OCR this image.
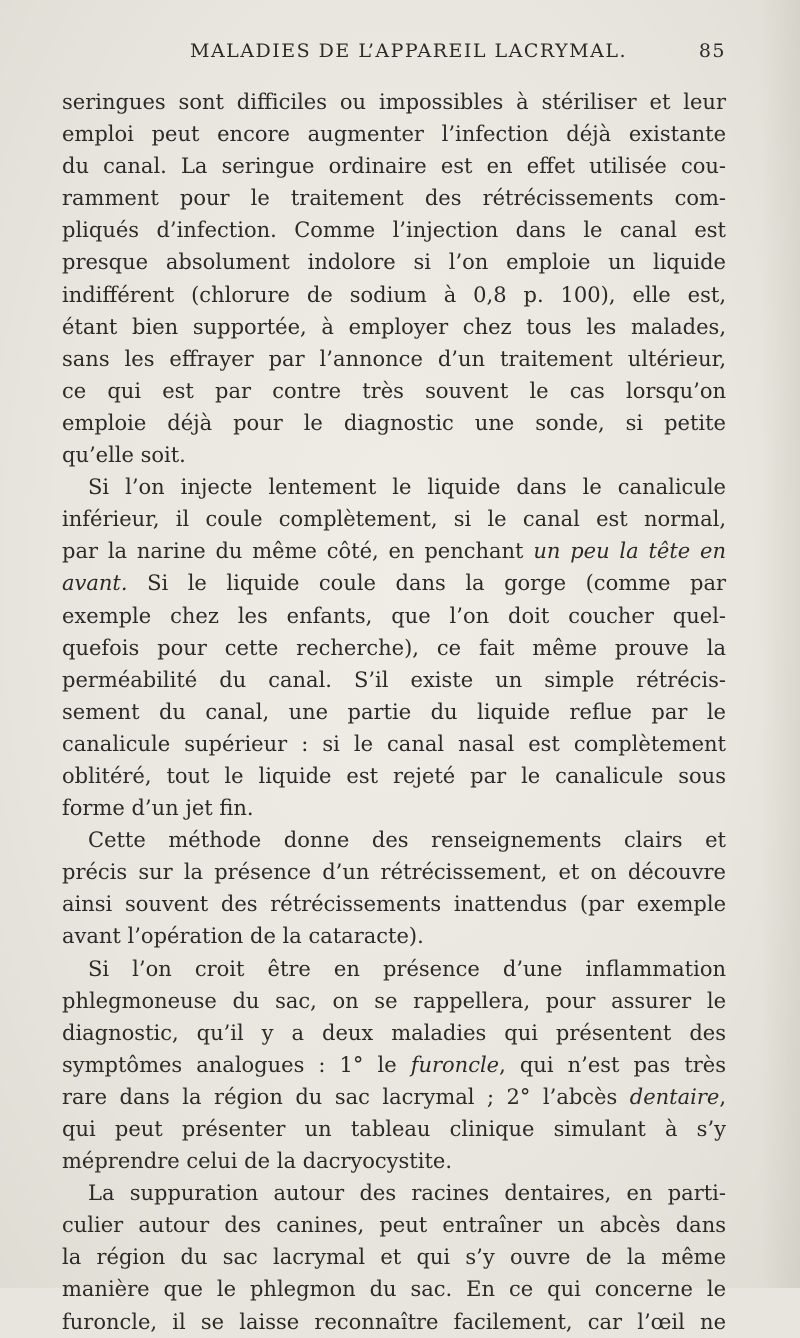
MALADIES DE L’APPAREIL LACRYMAL.	85
seringues sont difficiles ou impossibles à stériliser et leur
emploi peut encore augmenter l’infection déjà existante
du canal. La seringue ordinaire est en effet utilisée cou-
ramment pour le traitement des rétrécissements com-
pliqués d’infection. Comme l’injection dans le canal est
presque absolument indolore si l’on emploie un liquide
indifférent (chlorure de sodium à 0,8 p. 100), elle est,
étant bien supportée, à employer chez tous les malades,
sans les effrayer par l’annonce d’un traitement ultérieur,
ce qui est par contre très souvent le cas lorsqu’on
emploie déjà pour le diagnostic une sonde, si petite
qu’elle soit.
Si l’on injecte lentement le liquide dans le canalicule
inférieur, il coule complètement, si le canal est normal,
par la narine du même côté, en penchant un peu la tête en
avant. Si le liquide coule dans la gorge (comme par
exemple chez les enfants, que l’on doit coucher quel-
quefois pour cette recherche), ce fait même prouve la
perméabilité du canal. S’il existe un simple rétrécis-
sement du canal, une partie du liquide reflue par le
canalicule supérieur : si le canal nasal est complètement
oblitéré, tout le liquide est rejeté par le canalicule sous
forme d’un jet fin.
Cette méthode donne des renseignements clairs et
précis sur la présence d’un rétrécissement, et on découvre
ainsi souvent des rétrécissements inattendus (par exemple
avant l’opération de la cataracte).
Si l’on croit être en présence d’une inflammation
phlegmoneuse du sac, on se rappellera, pour assurer le
diagnostic, qu’il y a deux maladies qui présentent des
symptômes analogues : 1° le furoncle, qui n’est pas très
rare dans la région du sac lacrymal ; 2° l’abcès dentaire,
qui peut présenter un tableau clinique simulant à s’y
méprendre celui de la dacryocystite.
La suppuration autour des racines dentaires, en parti-
culier autour des canines, peut entraîner un abcès dans
la région du sac lacrymal et qui s’y ouvre de la même
manière que le phlegmon du sac. En ce qui concerne le
furoncle, il se laisse reconnaître facilement, car l’œil ne
